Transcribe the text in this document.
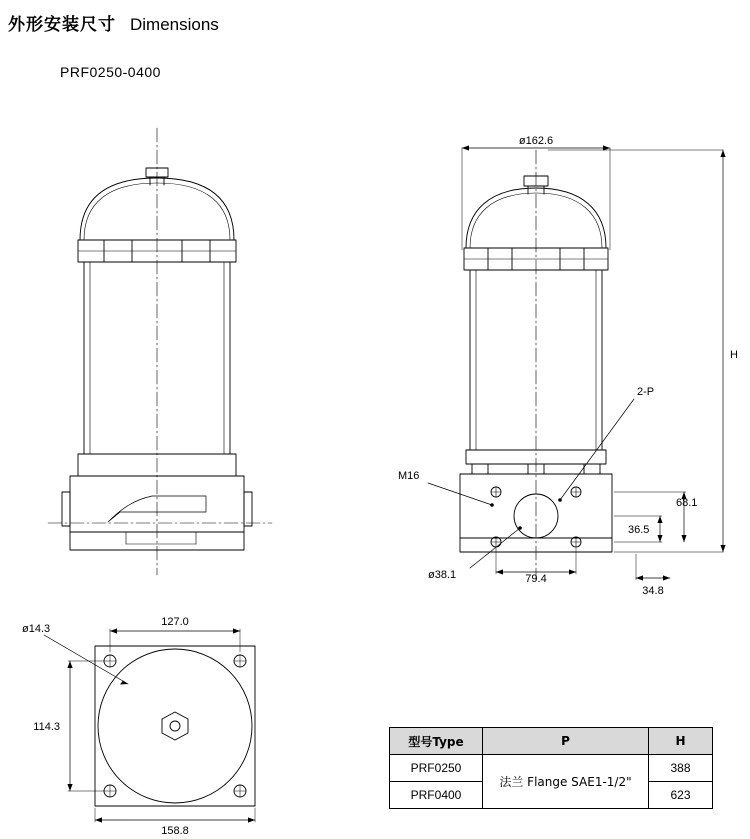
外形安装尺寸 Dimensions
PRF0250-0400
ø162.6
H
2-P
M16
ø38.1	79.4
36.5
68.1
34.8
ø14.3
127.0
114.3
158.8
型号Type	P	H
PRF0250	法兰 Flange SAE1-1/2"	388
PRF0400		623
